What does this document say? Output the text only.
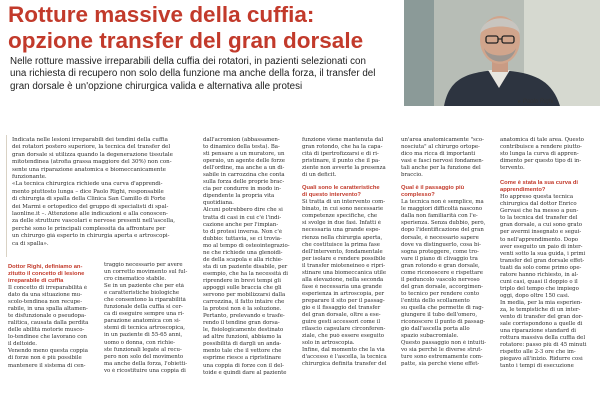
Rotture massive della cuffia:
opzione transfer del gran dorsale
▸ Paolo Righi
Nelle rotture massive irreparabili della cuffia dei rotatori, in pazienti selezionati con
una richiesta di recupero non solo della funzione ma anche della forza, il transfer del
gran dorsale è un'opzione chirurgica valida e alternativa alle protesi
Indicata nelle lesioni irreparabili dei tendini della cuffia
dei rotatori postero superiore, la tecnica del transfer del
gran dorsale si utilizza quando la degenerazione tissutale
mitotendinea (atrofia grassa maggiore del 30%) non con-
sente una riparazione anatomica e biomeccanicamente
funzionante.
«La tecnica chirurgica richiede una curva d'apprendi-
mento piuttosto lunga – dice Paolo Righi, responsabile
di chirurgia di spalla della Clinica San Camillo di Forte
dei Marmi e ortopedico del gruppo di specialisti di spal-
laonline.it –. Attenzione alle indicazioni e alla conoscen-
za delle strutture vascolari e nervose presenti nell'ascella,
perché sono le principali complessità da affrontare per
un chirurgo già esperto in chirurgia aperta e artroscopi-
ca di spalla».
Dottor Righi, definiamo an-
zitutto il concetto di lesione
irreparabile di cuffia
Il concetto di irreparabilità è
dato da una situazione mu-
scolo-tendinea non recupe-
rabile, in una spalla altamen-
te disfunzionale o pseudopa-
ralitica, causata dalla perdita
delle abilità motorie musco-
lo-tendinee che lavorano con
il deltoide.
Venendo meno questa coppia
di forze non è più possibile
mantenere il sistema di cen-
traggio necessario per avere
un corretto movimento sul ful-
cro cinematico stabile.
Se in un paziente che per età
e caratteristiche biologiche
che consentono la riparabilità
funzionale della cuffia si cer-
ca di eseguire sempre una ri-
parazione anatomica con si-
stemi di tecnica artroscopica,
in un paziente di 55-65 anni,
uomo o donna, con richie-
ste funzionali legate al recu-
pero non solo del movimento
ma anche della forza, l'obietti-
vo è ricostituire una coppia di
dall'acromion (abbassamen-
to dinamico della testa). Ba-
sti pensare a un muratore, un
operaio, un agente delle forze
dell'ordine, ma anche a un di-
sabile in carrozzina che conta
sulla forza delle proprie brac-
cia per condurre in modo in-
dipendente la propria vita
quotidiana.
Alcuni potrebbero dire che si
tratta di casi in cui c'è l'indi-
cazione anche per l'impian-
to di protesi inversa. Non c'è
dubbio: tuttavia, se ci trovia-
mo al tempo di osteointegrazio-
ne che richiede una glenoidi-
de della scapola e alla richie-
sta di un paziente disabile, per
esempio, che ha la necessità di
riprendere in brevi tempi gli
appoggi sulle braccia che gli
servono per mobilizzarsi dalla
carrozzina, il fatto intaire che
la protesi non è la soluzione.
Pertanto, prelevando e trasfe-
rendo il tendine gran dorsa-
le, fisiologicamente destinato
ad altre funzioni, abbiamo la
possibilità di dargli un anda-
mento tale che il vettore che
esprime riesce a ripristinare
una coppia di forze con il del-
toide e quindi dare al paziente
funzione viene mantenuta dal
gran rotondo, che ha la capa-
cità di ipertrofizzarsi e di ri-
pristinare, il punto che il pa-
ziente non avverte la presenza
di un deficit.
Quali sono le caratteristiche
di questo intervento?
Si tratta di un intervento com-
binato, in cui sono necessarie
competenze specifiche, che
si svolge in due fasi. Infatti è
necessaria una grande espe-
rienza nella chirurgia aperta,
che costituisce la prima fase
dell'intervento, fondamentale
per isolare e rendere possibile
il transfer mioteneineo e ripri-
stinare una biomeccanica utile
alla elevazione, nella seconda
fase è necessaria una grande
esperienza in artroscopia, per
preparare il sito per il passag-
gio e il fissaggio del transfer
del gran dorsale, oltre a ese-
guire gesti accessori come il
rilascio capsulare circonferen-
ziale, che può essere eseguito
solo in artroscopia.
Infine, dal momento che la via
d'accesso è l'ascella, la tecnica
chirurgica definita transfer del
un'area anatomicamente "sco-
nosciuta" al chirurgo ortope-
dico ma ricca di importanti
vasi e fasci nervosi fondamen-
tali anche per la funzione del
braccio.
Qual è il passaggio più
complesso?
La tecnica non è semplice, ma
le maggiori difficoltà nascono
dalla non familiarità con l'e-
sperienza. Senza dubbio, però,
dopo l'identificazione del gran
dorsale, è necessario sapere
dove va distinguerlo, cosa bi-
sogna proteggere, come tro-
vare il piano di clivaggio tra
gran rotondo e gran dorsale,
come riconoscere e rispettare
il peduncolo vascolo nervoso
del gran dorsale, accorgimen-
to tecnico per rendere conto
l'entità dello scollamento
su quella che permette di rag-
giungere il tubo dell'omero,
riconoscere il punto di passag-
gio dall'ascella porta allo
spazio subacromiale.
Questo passaggio non è intuiti-
vo sia perché le diverse strut-
ture sono estremamente com-
patte, sia perché viene effet-
anatomica di tale area. Questo
contribuisce a rendere piutto-
sto lunga la curva di appren-
dimento per questo tipo di in-
tervento.
Come è stata la sua curva di
apprendimento?
Ho appreso questa tecnica
chirurgica dal dottor Enrico
Gervasi che ha messo a pun-
to la tecnica del transfer del
gran dorsale, a cui sono grato
per avermi insegnato e segui-
to nell'apprendimento. Dopo
aver eseguito un paio di inter-
venti sotto la sua guida, i primi
transfer del gran dorsale effet-
tuati da solo come primo ope-
ratore hanno richiesto, in al-
cuni casi, quasi il doppio o il
triplo del tempo che impiego
oggi, dopo oltre 150 casi.
In media, per la mia esperien-
za, le tempistiche di un inter-
vento di transfer del gran dor-
sale corrispondono a quelle di
una riparazione standard di
rottura massiva della cuffia del
rotatore: passo più di 45 minuti
rispetto alle 2-3 ore che im-
piegavo all'inizio. Ridurre così
tanto i tempi di esecuzione
